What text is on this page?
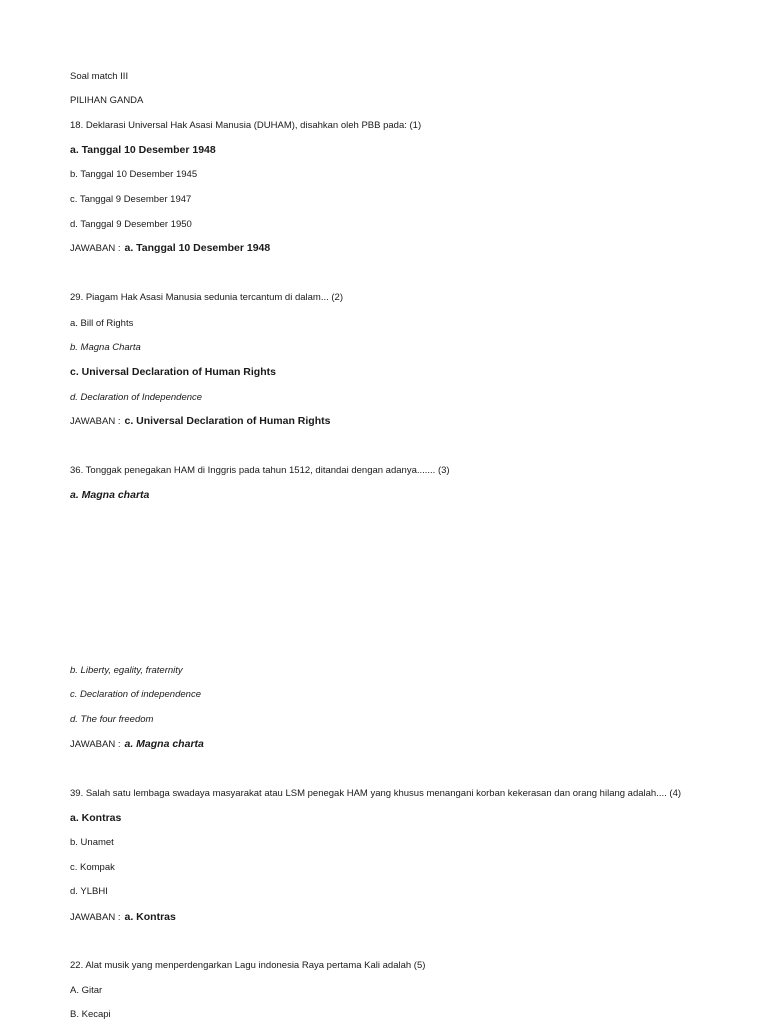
Soal match III
PILIHAN GANDA
18. Deklarasi Universal Hak Asasi Manusia (DUHAM), disahkan oleh PBB pada: (1)
a. Tanggal 10 Desember 1948
b. Tanggal 10 Desember 1945
c. Tanggal 9 Desember 1947
d. Tanggal 9 Desember 1950
JAWABAN : a. Tanggal 10 Desember 1948
29. Piagam Hak Asasi Manusia sedunia tercantum di dalam... (2)
a. Bill of Rights
b. Magna Charta
c. Universal Declaration of Human Rights
d. Declaration of Independence
JAWABAN : c. Universal Declaration of Human Rights
36. Tonggak penegakan HAM di Inggris pada tahun 1512, ditandai dengan adanya....... (3)
a. Magna charta
b. Liberty, egality, fraternity
c. Declaration of independence
d. The four freedom
JAWABAN : a. Magna charta
39. Salah satu lembaga swadaya masyarakat atau LSM penegak HAM yang khusus menangani korban kekerasan dan orang hilang adalah.... (4)
a. Kontras
b. Unamet
c. Kompak
d. YLBHI
JAWABAN : a. Kontras
22. Alat musik yang menperdengarkan Lagu indonesia Raya pertama Kali adalah (5)
A. Gitar
B. Kecapi
